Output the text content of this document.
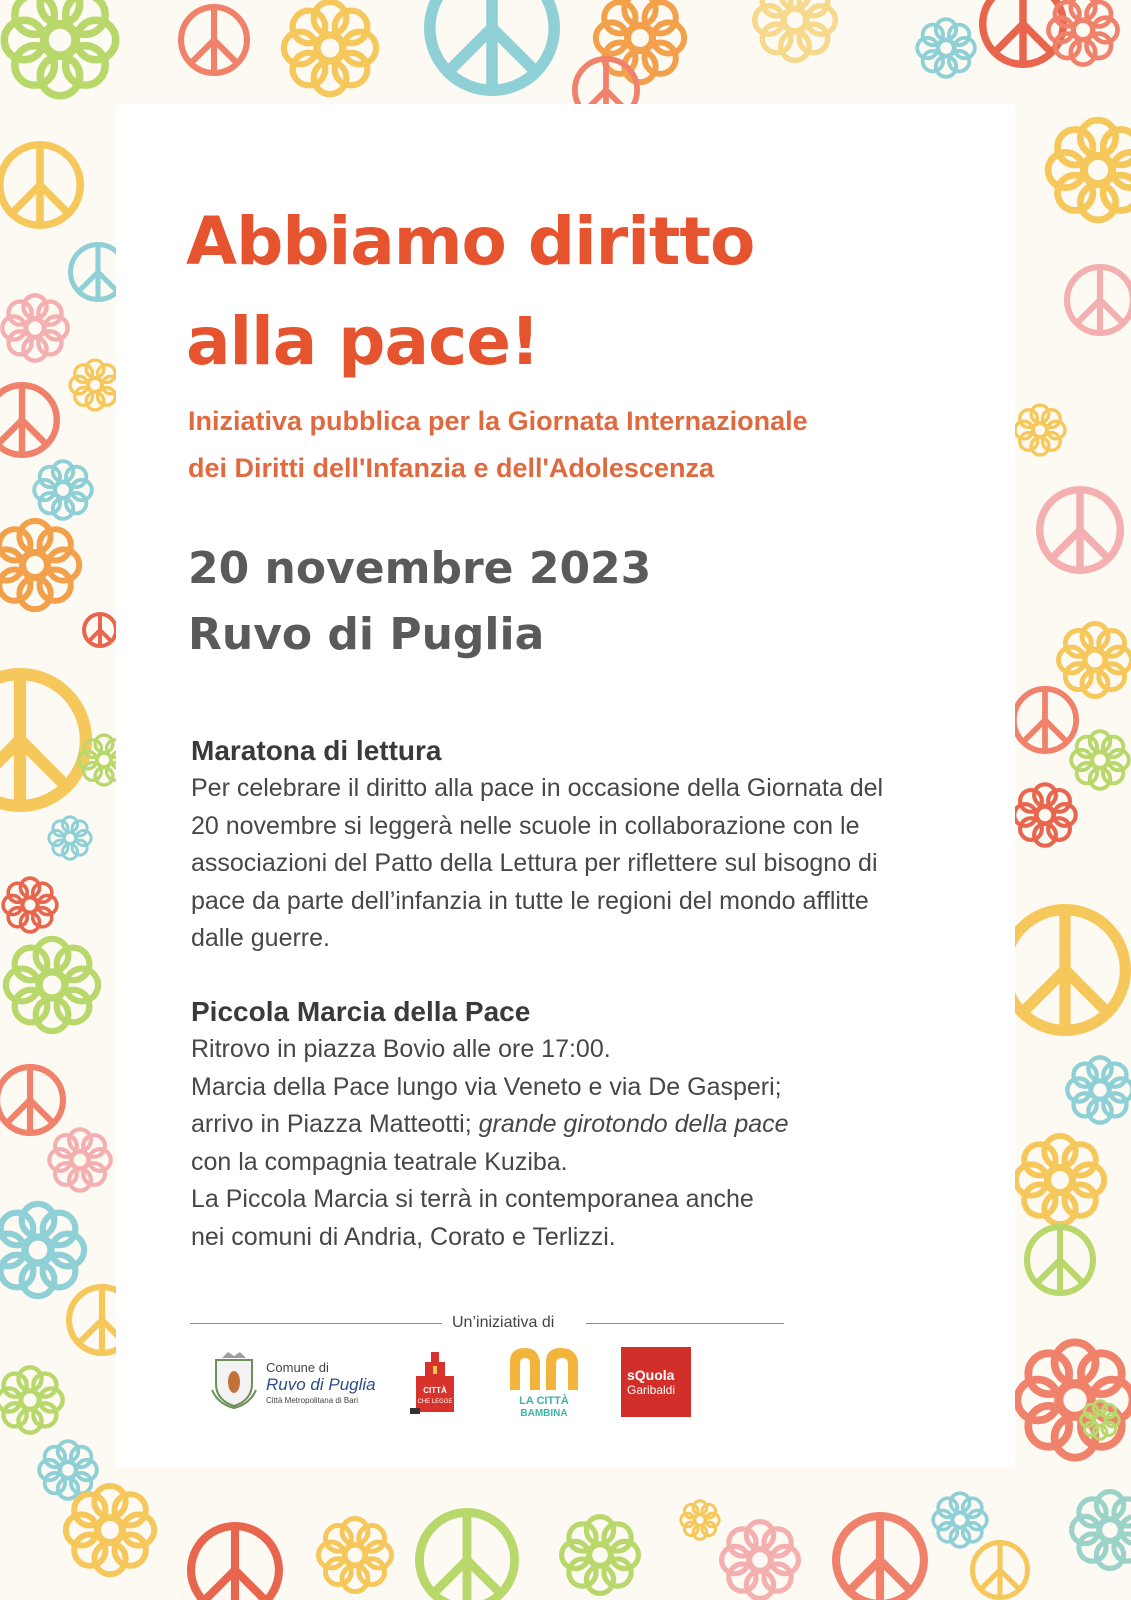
Abbiamo diritto
alla pace!
Iniziativa pubblica per la Giornata Internazionale
dei Diritti dell'Infanzia e dell'Adolescenza
20 novembre 2023
Ruvo di Puglia
Maratona di lettura
Per celebrare il diritto alla pace in occasione della Giornata del
20 novembre si leggerà nelle scuole in collaborazione con le
associazioni del Patto della Lettura per riflettere sul bisogno di
pace da parte dell’infanzia in tutte le regioni del mondo afflitte
dalle guerre.
Piccola Marcia della Pace
Ritrovo in piazza Bovio alle ore 17:00.
Marcia della Pace lungo via Veneto e via De Gasperi;
arrivo in Piazza Matteotti; grande girotondo della pace
con la compagnia teatrale Kuziba.
La Piccola Marcia si terrà in contemporanea anche
nei comuni di Andria, Corato e Terlizzi.
Un’iniziativa di
Comune di
Ruvo di Puglia
Città Metropolitana di Bari
CITTÀ
CHE LEGGE	LA CITTÀ
BAMBINA
sQuola
Garibaldi
